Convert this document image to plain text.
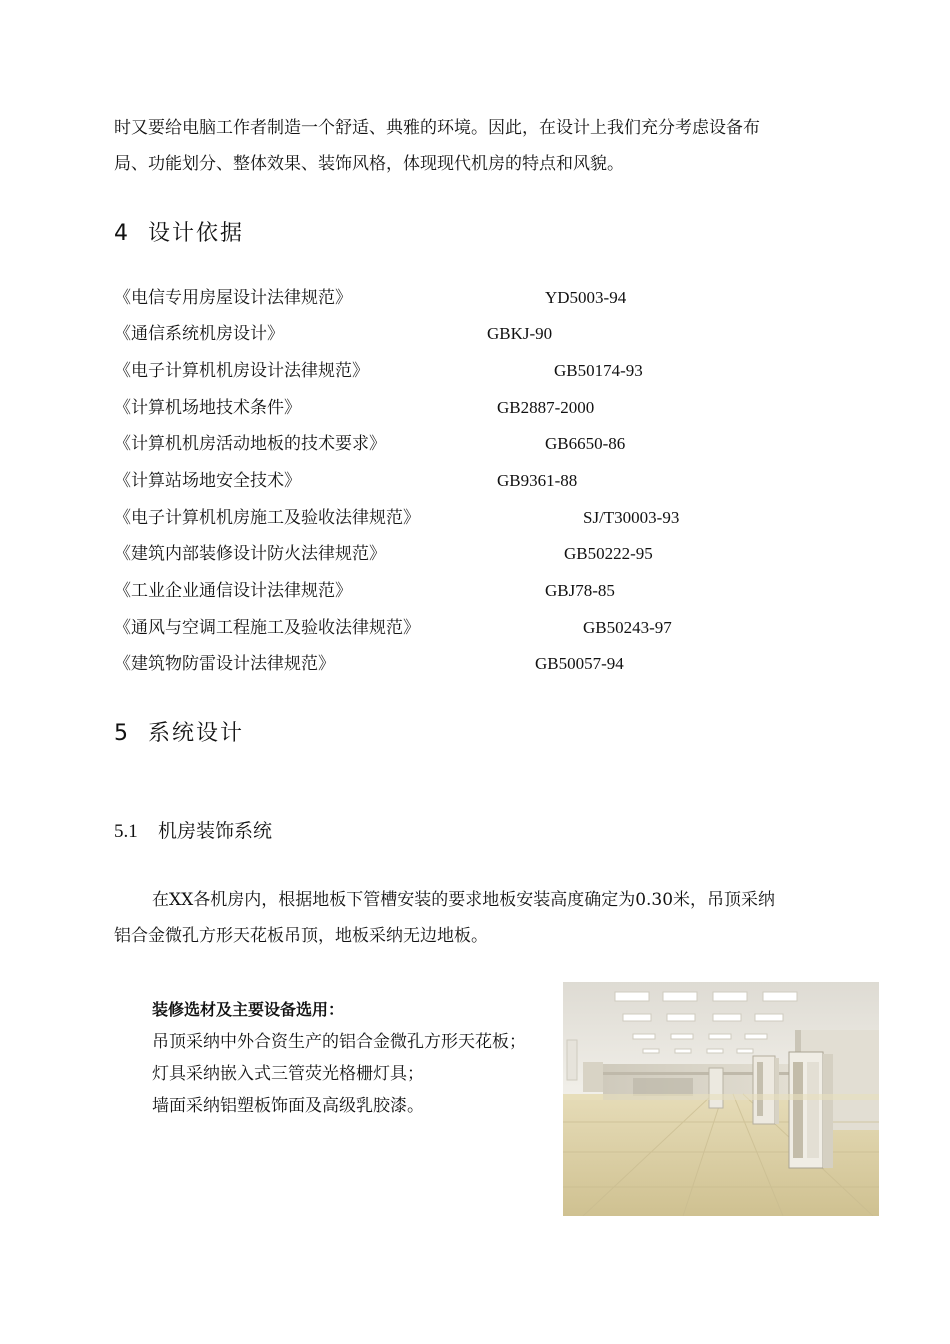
时又要给电脑工作者制造一个舒适、典雅的环境。因此，在设计上我们充分考虑设备布
局、功能划分、整体效果、装饰风格，体现现代机房的特点和风貌。
4 设计依据
《电信专用房屋设计法律规范》	YD5003-94
《通信系统机房设计》	GBKJ-90
《电子计算机机房设计法律规范》	GB50174-93
《计算机场地技术条件》	GB2887-2000
《计算机机房活动地板的技术要求》	GB6650-86
《计算站场地安全技术》	GB9361-88
《电子计算机机房施工及验收法律规范》	SJ/T30003-93
《建筑内部装修设计防火法律规范》	GB50222-95
《工业企业通信设计法律规范》	GBJ78-85
《通风与空调工程施工及验收法律规范》	GB50243-97
《建筑物防雷设计法律规范》	GB50057-94
5 系统设计
5.1 机房装饰系统
在XX各机房内，根据地板下管槽安装的要求地板安装高度确定为0.30米，吊顶采纳
铝合金微孔方形天花板吊顶，地板采纳无边地板。
装修选材及主要设备选用：
吊顶采纳中外合资生产的铝合金微孔方形天花板；
灯具采纳嵌入式三管荧光格栅灯具；
墙面采纳铝塑板饰面及高级乳胶漆。
